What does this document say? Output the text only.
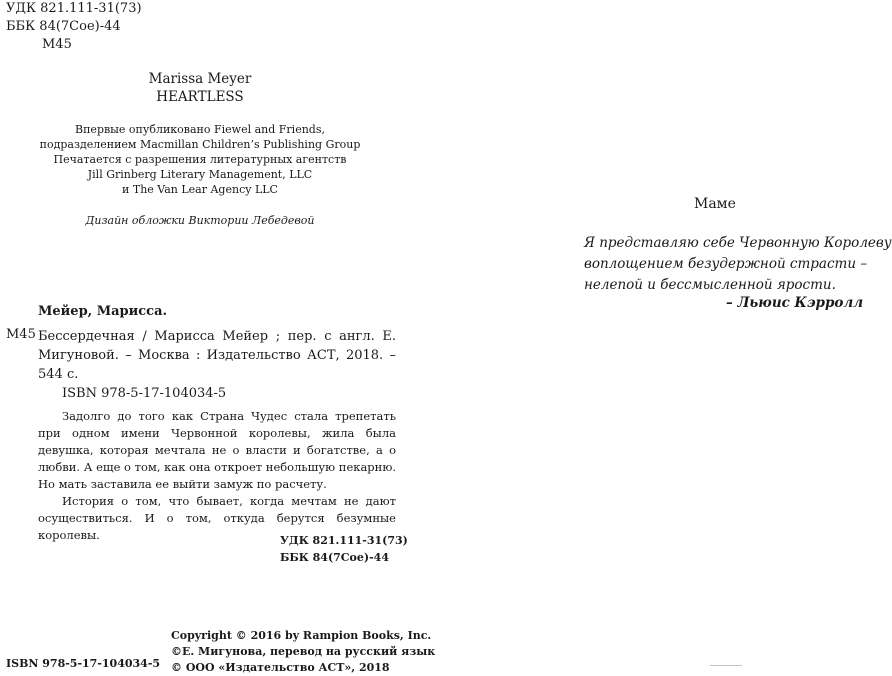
УДК 821.111-31(73)
ББК 84(7Сое)-44
М45
Marissa Meyer
HEARTLESS
Впервые опубликовано Fiewel and Friends,
подразделением Macmillan Children’s Publishing Group
Печатается с разрешения литературных агентств
Jill Grinberg Literary Management, LLC
и The Van Lear Agency LLC
Дизайн обложки Виктории Лебедевой
Мейер, Марисса.
М45 Бессердечная / Марисса Мейер ; пер. с англ. Е. Мигуновой. – Москва : Издательство АСТ, 2018. – 544 с.
ISBN 978-5-17-104034-5

Задолго до того как Страна Чудес стала трепетать при одном имени Червонной королевы, жила была девушка, которая мечтала не о власти и богатстве, а о любви. А еще о том, как она откроет небольшую пекарню. Но мать заставила ее выйти замуж по расчету.

История о том, что бывает, когда мечтам не дают осуществиться. И о том, откуда берутся безумные королевы.	УДК 821.111-31(73)
ББК 84(7Сое)-44
Copyright © 2016 by Rampion Books, Inc.
©Е. Мигунова, перевод на русский язык
© ООО «Издательство АСТ», 2018
ISBN 978-5-17-104034-5
Маме
Я представляю себе Червонную Королеву
воплощением безудержной страсти –
нелепой и бессмысленной ярости.
– Льюис Кэрролл
